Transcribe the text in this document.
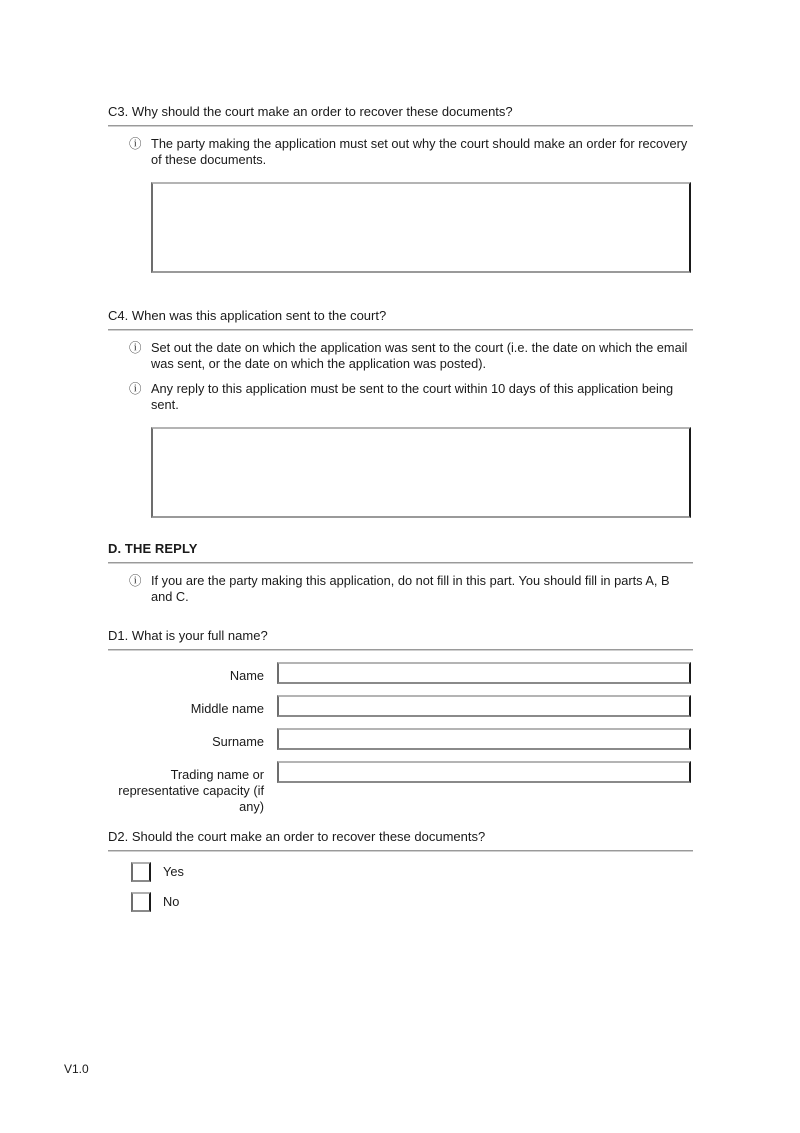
C3. Why should the court make an order to recover these documents?
ⓘ The party making the application must set out why the court should make an order for recovery of these documents.
C4. When was this application sent to the court?
ⓘ Set out the date on which the application was sent to the court (i.e. the date on which the email was sent, or the date on which the application was posted).
ⓘ Any reply to this application must be sent to the court within 10 days of this application being sent.
D. THE REPLY
ⓘ If you are the party making this application, do not fill in this part. You should fill in parts A, B and C.
D1. What is your full name?
Name
Middle name
Surname
Trading name or representative capacity (if any)
D2. Should the court make an order to recover these documents?
Yes
No
V1.0
